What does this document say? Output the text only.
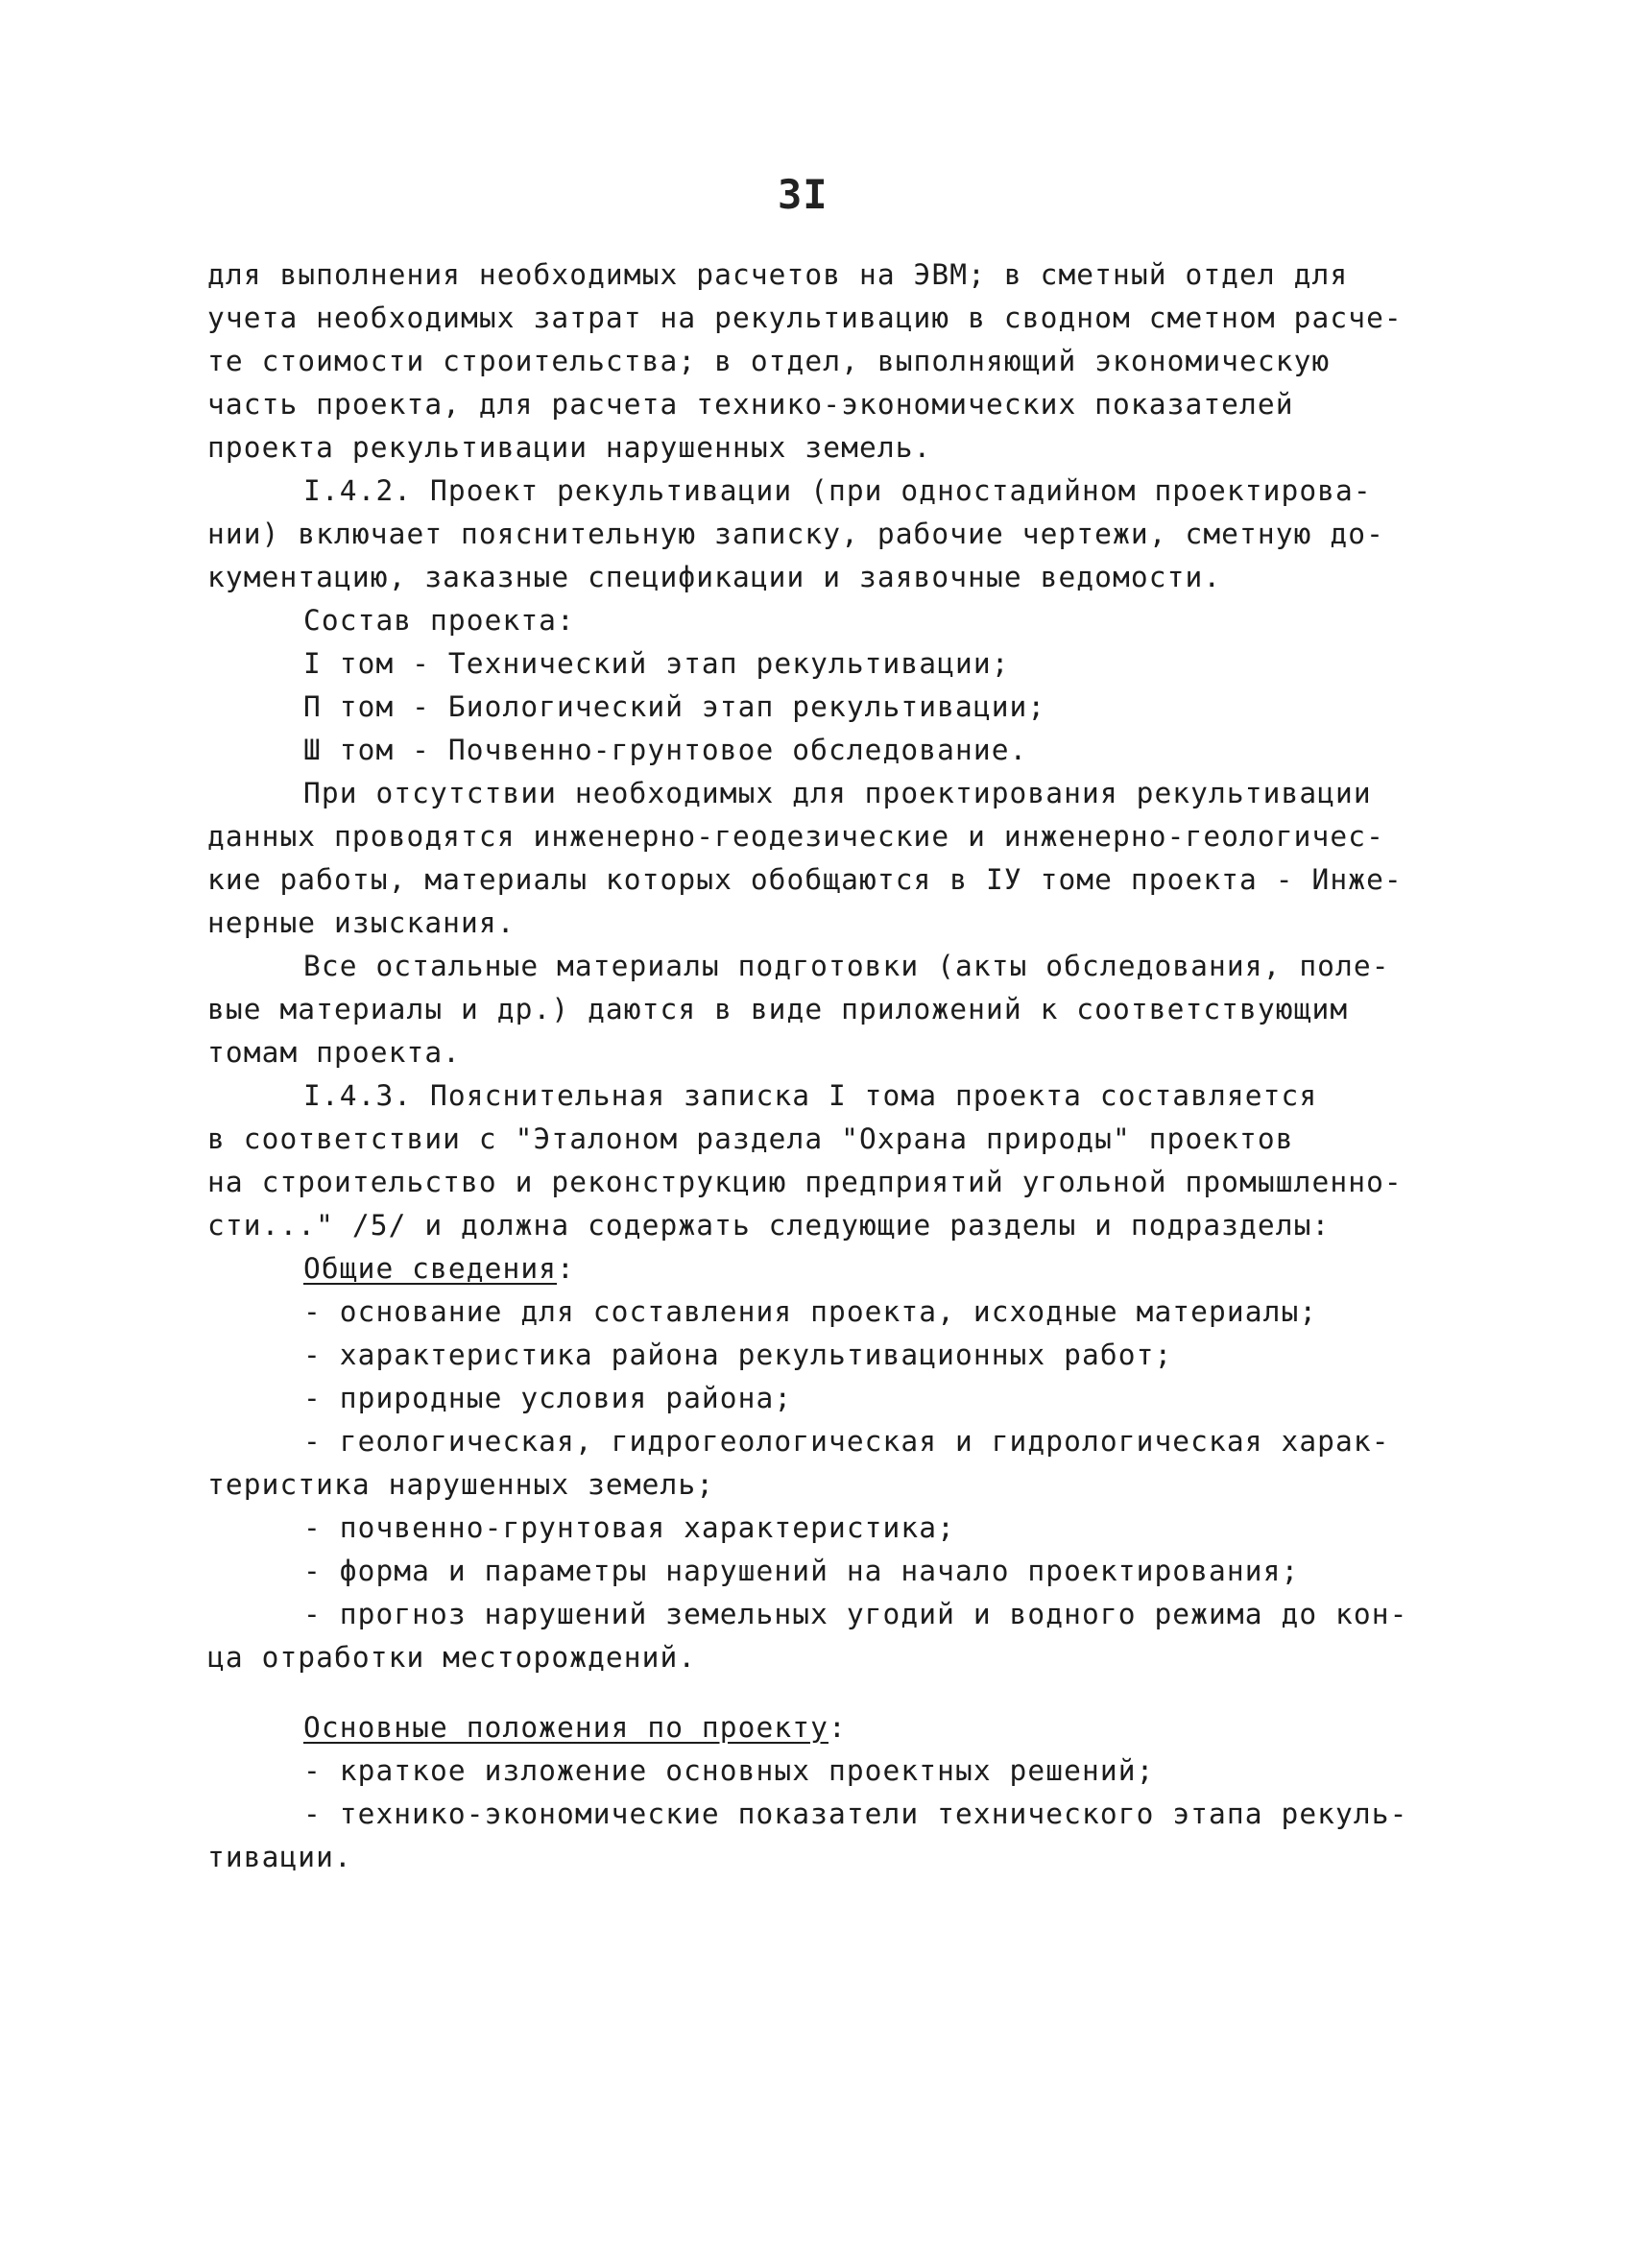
3I
для выполнения необходимых расчетов на ЭВМ; в сметный отдел для
учета необходимых затрат на рекультивацию в сводном сметном расче-
те стоимости строительства; в отдел, выполняющий экономическую
часть проекта, для расчета технико-экономических показателей
проекта рекультивации нарушенных земель.
I.4.2. Проект рекультивации (при одностадийном проектирова-
нии) включает пояснительную записку, рабочие чертежи, сметную до-
кументацию, заказные спецификации и заявочные ведомости.
Состав проекта:
I том - Технический этап рекультивации;
П том - Биологический этап рекультивации;
Ш том - Почвенно-грунтовое обследование.
При отсутствии необходимых для проектирования рекультивации
данных проводятся инженерно-геодезические и инженерно-геологичес-
кие работы, материалы которых обобщаются в IУ томе проекта - Инже-
нерные изыскания.
Все остальные материалы подготовки (акты обследования, поле-
вые материалы и др.) даются в виде приложений к соответствующим
томам проекта.
I.4.3. Пояснительная записка I тома проекта составляется
в соответствии с "Эталоном раздела "Охрана природы" проектов
на строительство и реконструкцию предприятий угольной промышленно-
сти..." /5/ и должна содержать следующие разделы и подразделы:
Общие сведения:
- основание для составления проекта, исходные материалы;
- характеристика района рекультивационных работ;
- природные условия района;
- геологическая, гидрогеологическая и гидрологическая харак-
теристика нарушенных земель;
- почвенно-грунтовая характеристика;
- форма и параметры нарушений на начало проектирования;
- прогноз нарушений земельных угодий и водного режима до кон-
ца отработки месторождений.
Основные положения по проекту:
- краткое изложение основных проектных решений;
- технико-экономические показатели технического этапа рекуль-
тивации.
